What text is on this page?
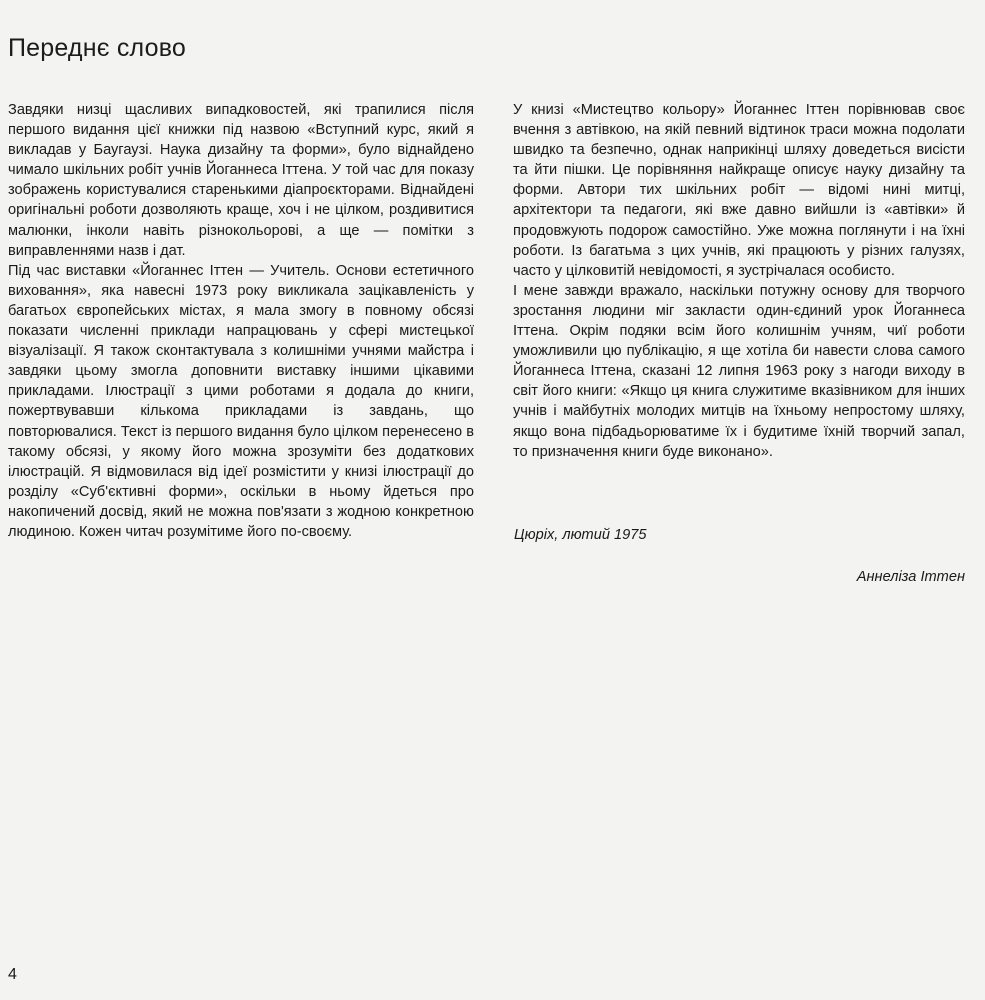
Переднє слово

Завдяки низці щасливих випадковостей, які трапилися після першого видання цієї книжки під назвою «Вступний курс, який я викладав у Баугаузі. Наука дизайну та форми», було віднайдено чимало шкільних робіт учнів Йоганнеса Іттена. У той час для показу зображень користувалися старенькими діапроєкторами. Віднайдені оригінальні роботи дозволяють краще, хоч і не цілком, роздивитися малюнки, інколи навіть різнокольорові, а ще — помітки з виправленнями назв і дат.

Під час виставки «Йоганнес Іттен — Учитель. Основи естетичного виховання», яка навесні 1973 року викликала зацікавленість у багатьох європейських містах, я мала змогу в повному обсязі показати численні приклади напрацювань у сфері мистецької візуалізації. Я також сконтактувала з колишніми учнями майстра і завдяки цьому змогла доповнити виставку іншими цікавими прикладами. Ілюстрації з цими роботами я додала до книги, пожертвувавши кількома прикладами із завдань, що повторювалися. Текст із першого видання було цілком перенесено в такому обсязі, у якому його можна зрозуміти без додаткових ілюстрацій. Я відмовилася від ідеї розмістити у книзі ілюстрації до розділу «Суб'єктивні форми», оскільки в ньому йдеться про накопичений досвід, який не можна пов'язати з жодною конкретною людиною. Кожен читач розумітиме його по-своєму.

У книзі «Мистецтво кольору» Йоганнес Іттен порівнював своє вчення з автівкою, на якій певний відтинок траси можна подолати швидко та безпечно, однак наприкінці шляху доведеться висісти та йти пішки. Це порівняння найкраще описує науку дизайну та форми. Автори тих шкільних робіт — відомі нині митці, архітектори та педагоги, які вже давно вийшли із «автівки» й продовжують подорож самостійно. Уже можна поглянути і на їхні роботи. Із багатьма з цих учнів, які працюють у різних галузях, часто у цілковитій невідомості, я зустрічалася особисто.

І мене завжди вражало, наскільки потужну основу для творчого зростання людини міг закласти один-єдиний урок Йоганнеса Іттена. Окрім подяки всім його колишнім учням, чиї роботи уможливили цю публікацію, я ще хотіла би навести слова самого Йоганнеса Іттена, сказані 12 липня 1963 року з нагоди виходу в світ його книги: «Якщо ця книга служитиме вказівником для інших учнів і майбутніх молодих митців на їхньому непростому шляху, якщо вона підбадьорюватиме їх і будитиме їхній творчий запал, то призначення книги буде виконано».

Цюріх, лютий 1975

Аннеліза Іттен

4
